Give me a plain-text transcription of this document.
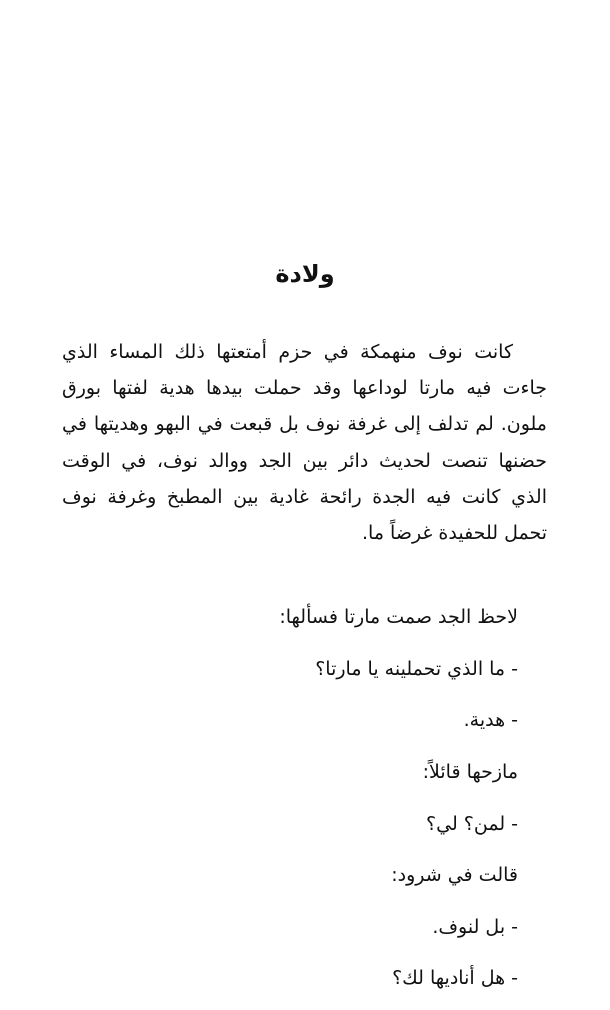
ولادة

كانت نوف منهمكة في حزم أمتعتها ذلك المساء الذي جاءت فيه مارتا لوداعها وقد حملت بيدها هدية لفتها بورق ملون. لم تدلف إلى غرفة نوف بل قبعت في البهو وهديتها في حضنها تنصت لحديث دائر بين الجد ووالد نوف، في الوقت الذي كانت فيه الجدة رائحة غادية بين المطبخ وغرفة نوف تحمل للحفيدة غرضاً ما.

لاحظ الجد صمت مارتا فسألها:

- ما الذي تحملينه يا مارتا؟

- هدية.

مازحها قائلاً:

- لمن؟ لي؟

قالت في شرود:

- بل لنوف.

- هل أناديها لك؟
